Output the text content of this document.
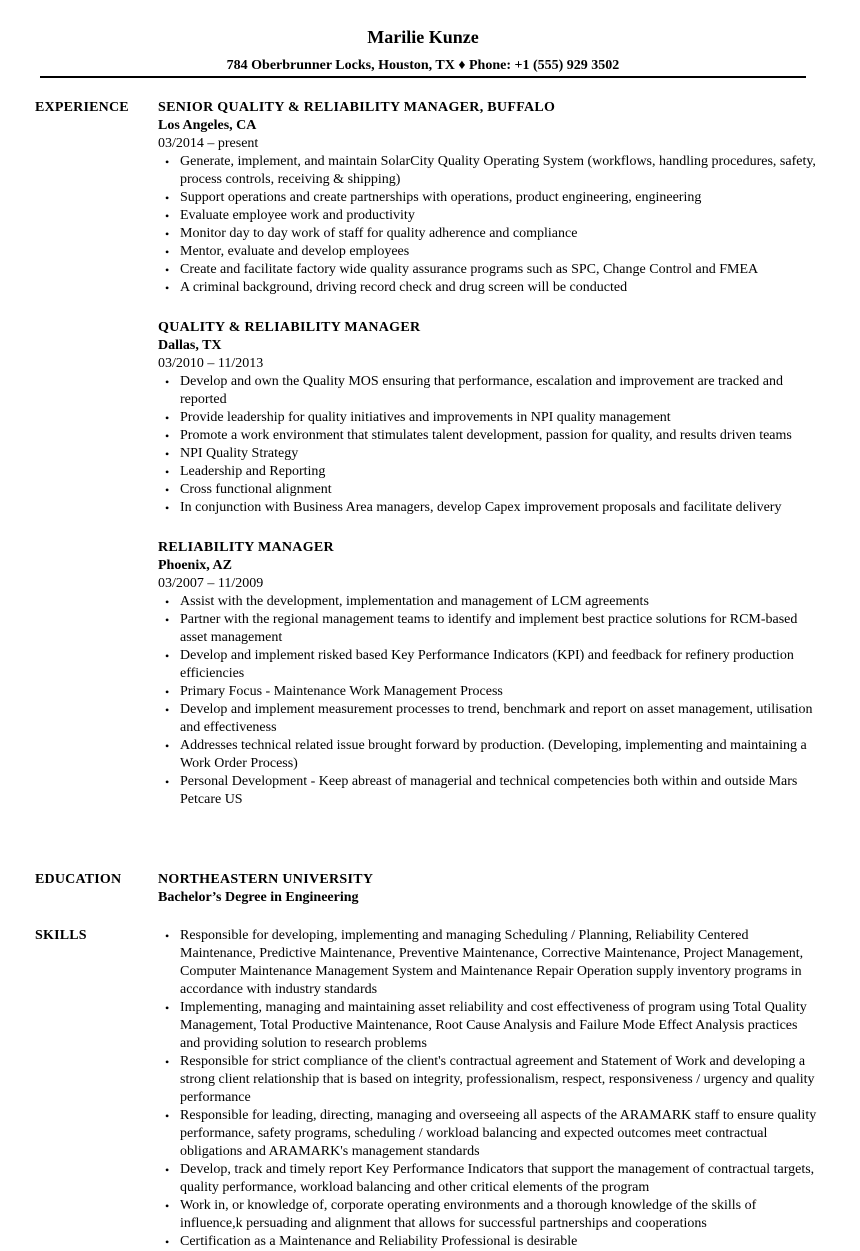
Marilie Kunze
784 Oberbrunner Locks, Houston, TX ♦ Phone: +1 (555) 929 3502
EXPERIENCE SENIOR QUALITY & RELIABILITY MANAGER, BUFFALO
Los Angeles, CA
03/2014 – present
• Generate, implement, and maintain SolarCity Quality Operating System (workflows, handling procedures, safety, process controls, receiving & shipping)
• Support operations and create partnerships with operations, product engineering, engineering
• Evaluate employee work and productivity
• Monitor day to day work of staff for quality adherence and compliance
• Mentor, evaluate and develop employees
• Create and facilitate factory wide quality assurance programs such as SPC, Change Control and FMEA
• A criminal background, driving record check and drug screen will be conducted
QUALITY & RELIABILITY MANAGER
Dallas, TX
03/2010 – 11/2013
• Develop and own the Quality MOS ensuring that performance, escalation and improvement are tracked and reported
• Provide leadership for quality initiatives and improvements in NPI quality management
• Promote a work environment that stimulates talent development, passion for quality, and results driven teams
• NPI Quality Strategy
• Leadership and Reporting
• Cross functional alignment
• In conjunction with Business Area managers, develop Capex improvement proposals and facilitate delivery
RELIABILITY MANAGER
Phoenix, AZ
03/2007 – 11/2009
• Assist with the development, implementation and management of LCM agreements
• Partner with the regional management teams to identify and implement best practice solutions for RCM-based asset management
• Develop and implement risked based Key Performance Indicators (KPI) and feedback for refinery production efficiencies
• Primary Focus - Maintenance Work Management Process
• Develop and implement measurement processes to trend, benchmark and report on asset management, utilisation and effectiveness
• Addresses technical related issue brought forward by production. (Developing, implementing and maintaining a Work Order Process)
• Personal Development - Keep abreast of managerial and technical competencies both within and outside Mars Petcare US
EDUCATION	NORTHEASTERN UNIVERSITY
Bachelor’s Degree in Engineering
SKILLS	• Responsible for developing, implementing and managing Scheduling / Planning, Reliability Centered Maintenance, Predictive Maintenance, Preventive Maintenance, Corrective Maintenance, Project Management, Computer Maintenance Management System and Maintenance Repair Operation supply inventory programs in accordance with industry standards
• Implementing, managing and maintaining asset reliability and cost effectiveness of program using Total Quality Management, Total Productive Maintenance, Root Cause Analysis and Failure Mode Effect Analysis practices and providing solution to research problems
• Responsible for strict compliance of the client's contractual agreement and Statement of Work and developing a strong client relationship that is based on integrity, professionalism, respect, responsiveness / urgency and quality performance
• Responsible for leading, directing, managing and overseeing all aspects of the ARAMARK staff to ensure quality performance, safety programs, scheduling / workload balancing and expected outcomes meet contractual obligations and ARAMARK's management standards
• Develop, track and timely report Key Performance Indicators that support the management of contractual targets, quality performance, workload balancing and other critical elements of the program
• Work in, or knowledge of, corporate operating environments and a thorough knowledge of the skills of influence,k persuading and alignment that allows for successful partnerships and cooperations
• Certification as a Maintenance and Reliability Professional is desirable
